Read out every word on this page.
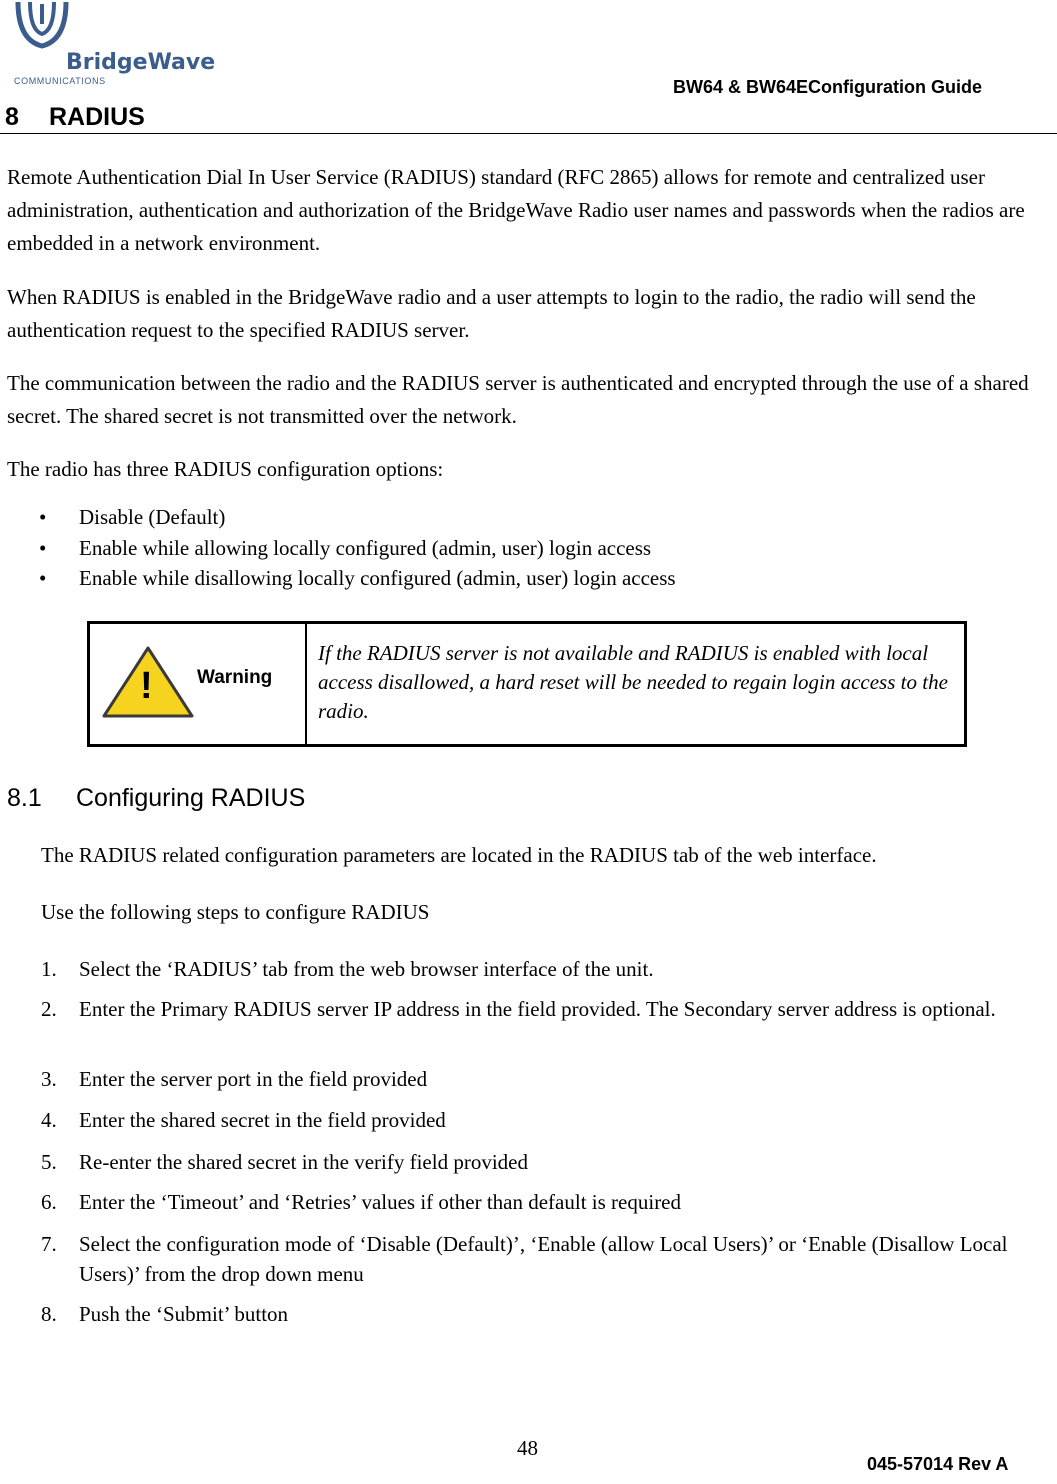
BridgeWave
COMMUNICATIONS	BW64 & BW64EConfiguration Guide
8 RADIUS

Remote Authentication Dial In User Service (RADIUS) standard (RFC 2865) allows for remote and centralized user administration, authentication and authorization of the BridgeWave Radio user names and passwords when the radios are embedded in a network environment.

When RADIUS is enabled in the BridgeWave radio and a user attempts to login to the radio, the radio will send the authentication request to the specified RADIUS server.

The communication between the radio and the RADIUS server is authenticated and encrypted through the use of a shared secret. The shared secret is not transmitted over the network.

The radio has three RADIUS configuration options:

• Disable (Default)
• Enable while allowing locally configured (admin, user) login access
• Enable while disallowing locally configured (admin, user) login access
! Warning
If the RADIUS server is not available and RADIUS is enabled with local access disallowed, a hard reset will be needed to regain login access to the radio.
8.1 Configuring RADIUS
The RADIUS related configuration parameters are located in the RADIUS tab of the web interface.
Use the following steps to configure RADIUS
1. Select the ‘RADIUS’ tab from the web browser interface of the unit.
2. Enter the Primary RADIUS server IP address in the field provided. The Secondary server address is optional.
3. Enter the server port in the field provided
4. Enter the shared secret in the field provided
5. Re-enter the shared secret in the verify field provided
6. Enter the ‘Timeout’ and ‘Retries’ values if other than default is required
7. Select the configuration mode of ‘Disable (Default)’, ‘Enable (allow Local Users)’ or ‘Enable (Disallow Local Users)’ from the drop down menu
8. Push the ‘Submit’ button
48
045-57014 Rev A
